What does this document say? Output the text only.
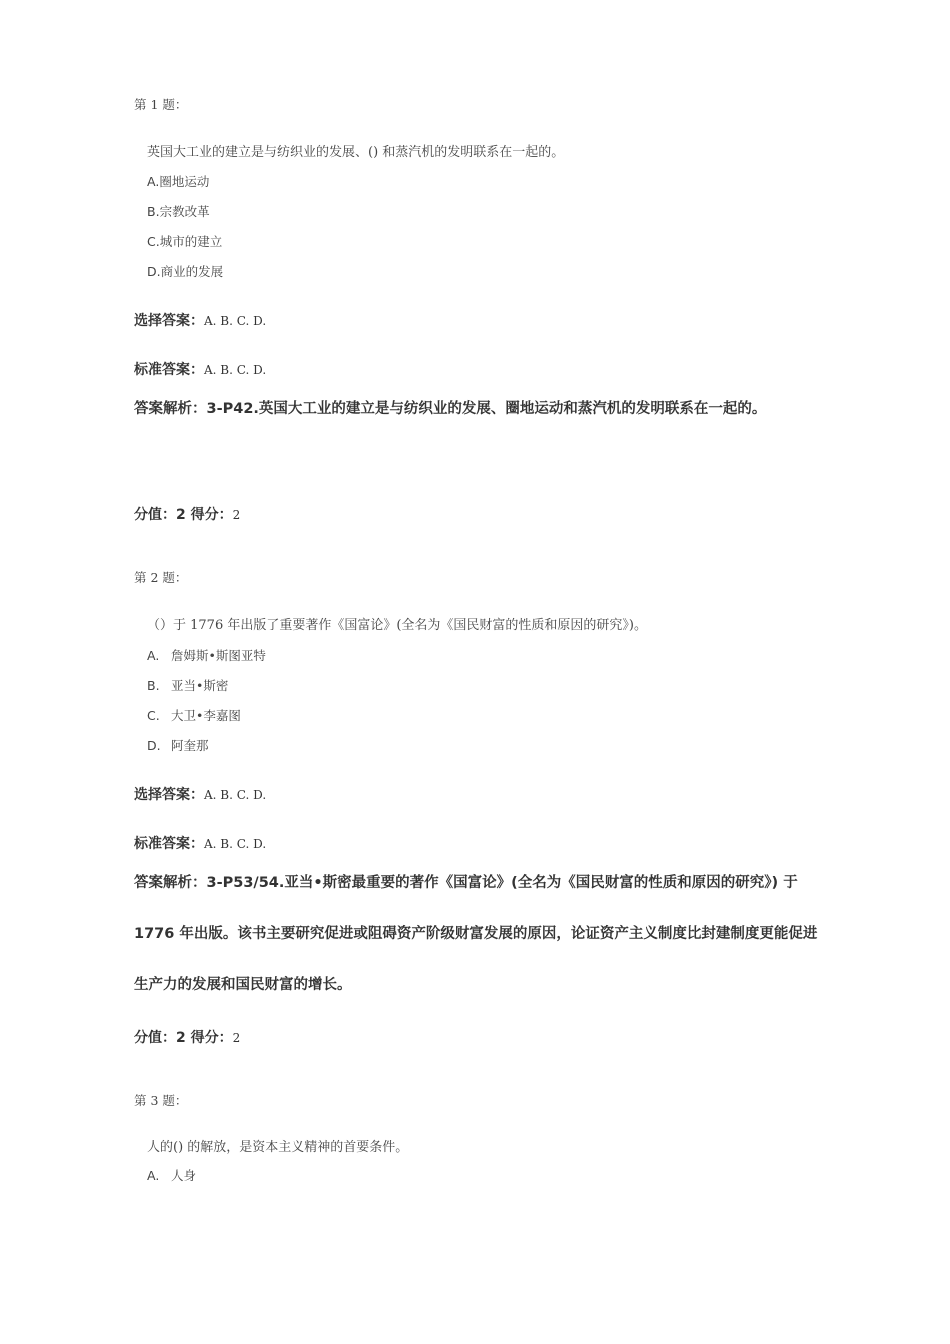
第 1 题：
英国大工业的建立是与纺织业的发展、() 和蒸汽机的发明联系在一起的。
A.圈地运动
B.宗教改革
C.城市的建立
D.商业的发展
选择答案：A. B. C. D.
标准答案：A. B. C. D.
答案解析：3-P42.英国大工业的建立是与纺织业的发展、圈地运动和蒸汽机的发明联系在一起的。
分值：2 得分：2
第 2 题：
（）于 1776 年出版了重要著作《国富论》(全名为《国民财富的性质和原因的研究》)。
A. 詹姆斯•斯图亚特
B. 亚当•斯密
C. 大卫•李嘉图
D. 阿奎那
选择答案：A. B. C. D.
标准答案：A. B. C. D.
答案解析：3-P53/54.亚当•斯密最重要的著作《国富论》(全名为《国民财富的性质和原因的研究》) 于 1776 年出版。该书主要研究促进或阻碍资产阶级财富发展的原因，论证资产主义制度比封建制度更能促进生产力的发展和国民财富的增长。
分值：2 得分：2
第 3 题：
人的() 的解放，是资本主义精神的首要条件。
A. 人身
